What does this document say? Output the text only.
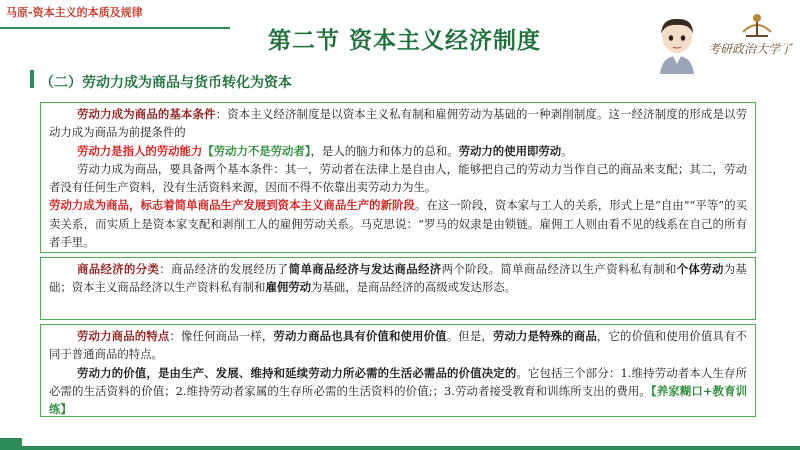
马原-资本主义的本质及规律
第二节 资本主义经济制度	考研政治大学了
（二）劳动力成为商品与货币转化为资本

劳动力成为商品的基本条件：资本主义经济制度是以资本主义私有制和雇佣劳动为基础的一种剥削制度。这一经济制度的形成是以劳动力成为商品为前提条件的

劳动力是指人的劳动能力【劳动力不是劳动者】，是人的脑力和体力的总和。劳动力的使用即劳动。

劳动力成为商品，要具备两个基本条件：其一，劳动者在法律上是自由人，能够把自己的劳动力当作自己的商品来支配；其二，劳动者没有任何生产资料，没有生活资料来源，因而不得不依靠出卖劳动力为生。

劳动力成为商品，标志着简单商品生产发展到资本主义商品生产的新阶段。在这一阶段，资本家与工人的关系，形式上是“自由”“平等”的买卖关系，而实质上是资本家支配和剥削工人的雇佣劳动关系。马克思说：“罗马的奴隶是由锁链。雇佣工人则由看不见的线系在自己的所有者手里。

商品经济的分类：商品经济的发展经历了简单商品经济与发达商品经济两个阶段。简单商品经济以生产资料私有制和个体劳动为基础；资本主义商品经济以生产资料私有制和雇佣劳动为基础，是商品经济的高级或发达形态。

劳动力商品的特点：像任何商品一样，劳动力商品也具有价值和使用价值。但是，劳动力是特殊的商品，它的价值和使用价值具有不同于普通商品的特点。

劳动力的价值，是由生产、发展、维持和延续劳动力所必需的生活必需品的价值决定的。它包括三个部分：1.维持劳动者本人生存所必需的生活资料的价值；2.维持劳动者家属的生存所必需的生活资料的价值;；3.劳动者接受教育和训练所支出的费用。【养家糊口+教育训练】
